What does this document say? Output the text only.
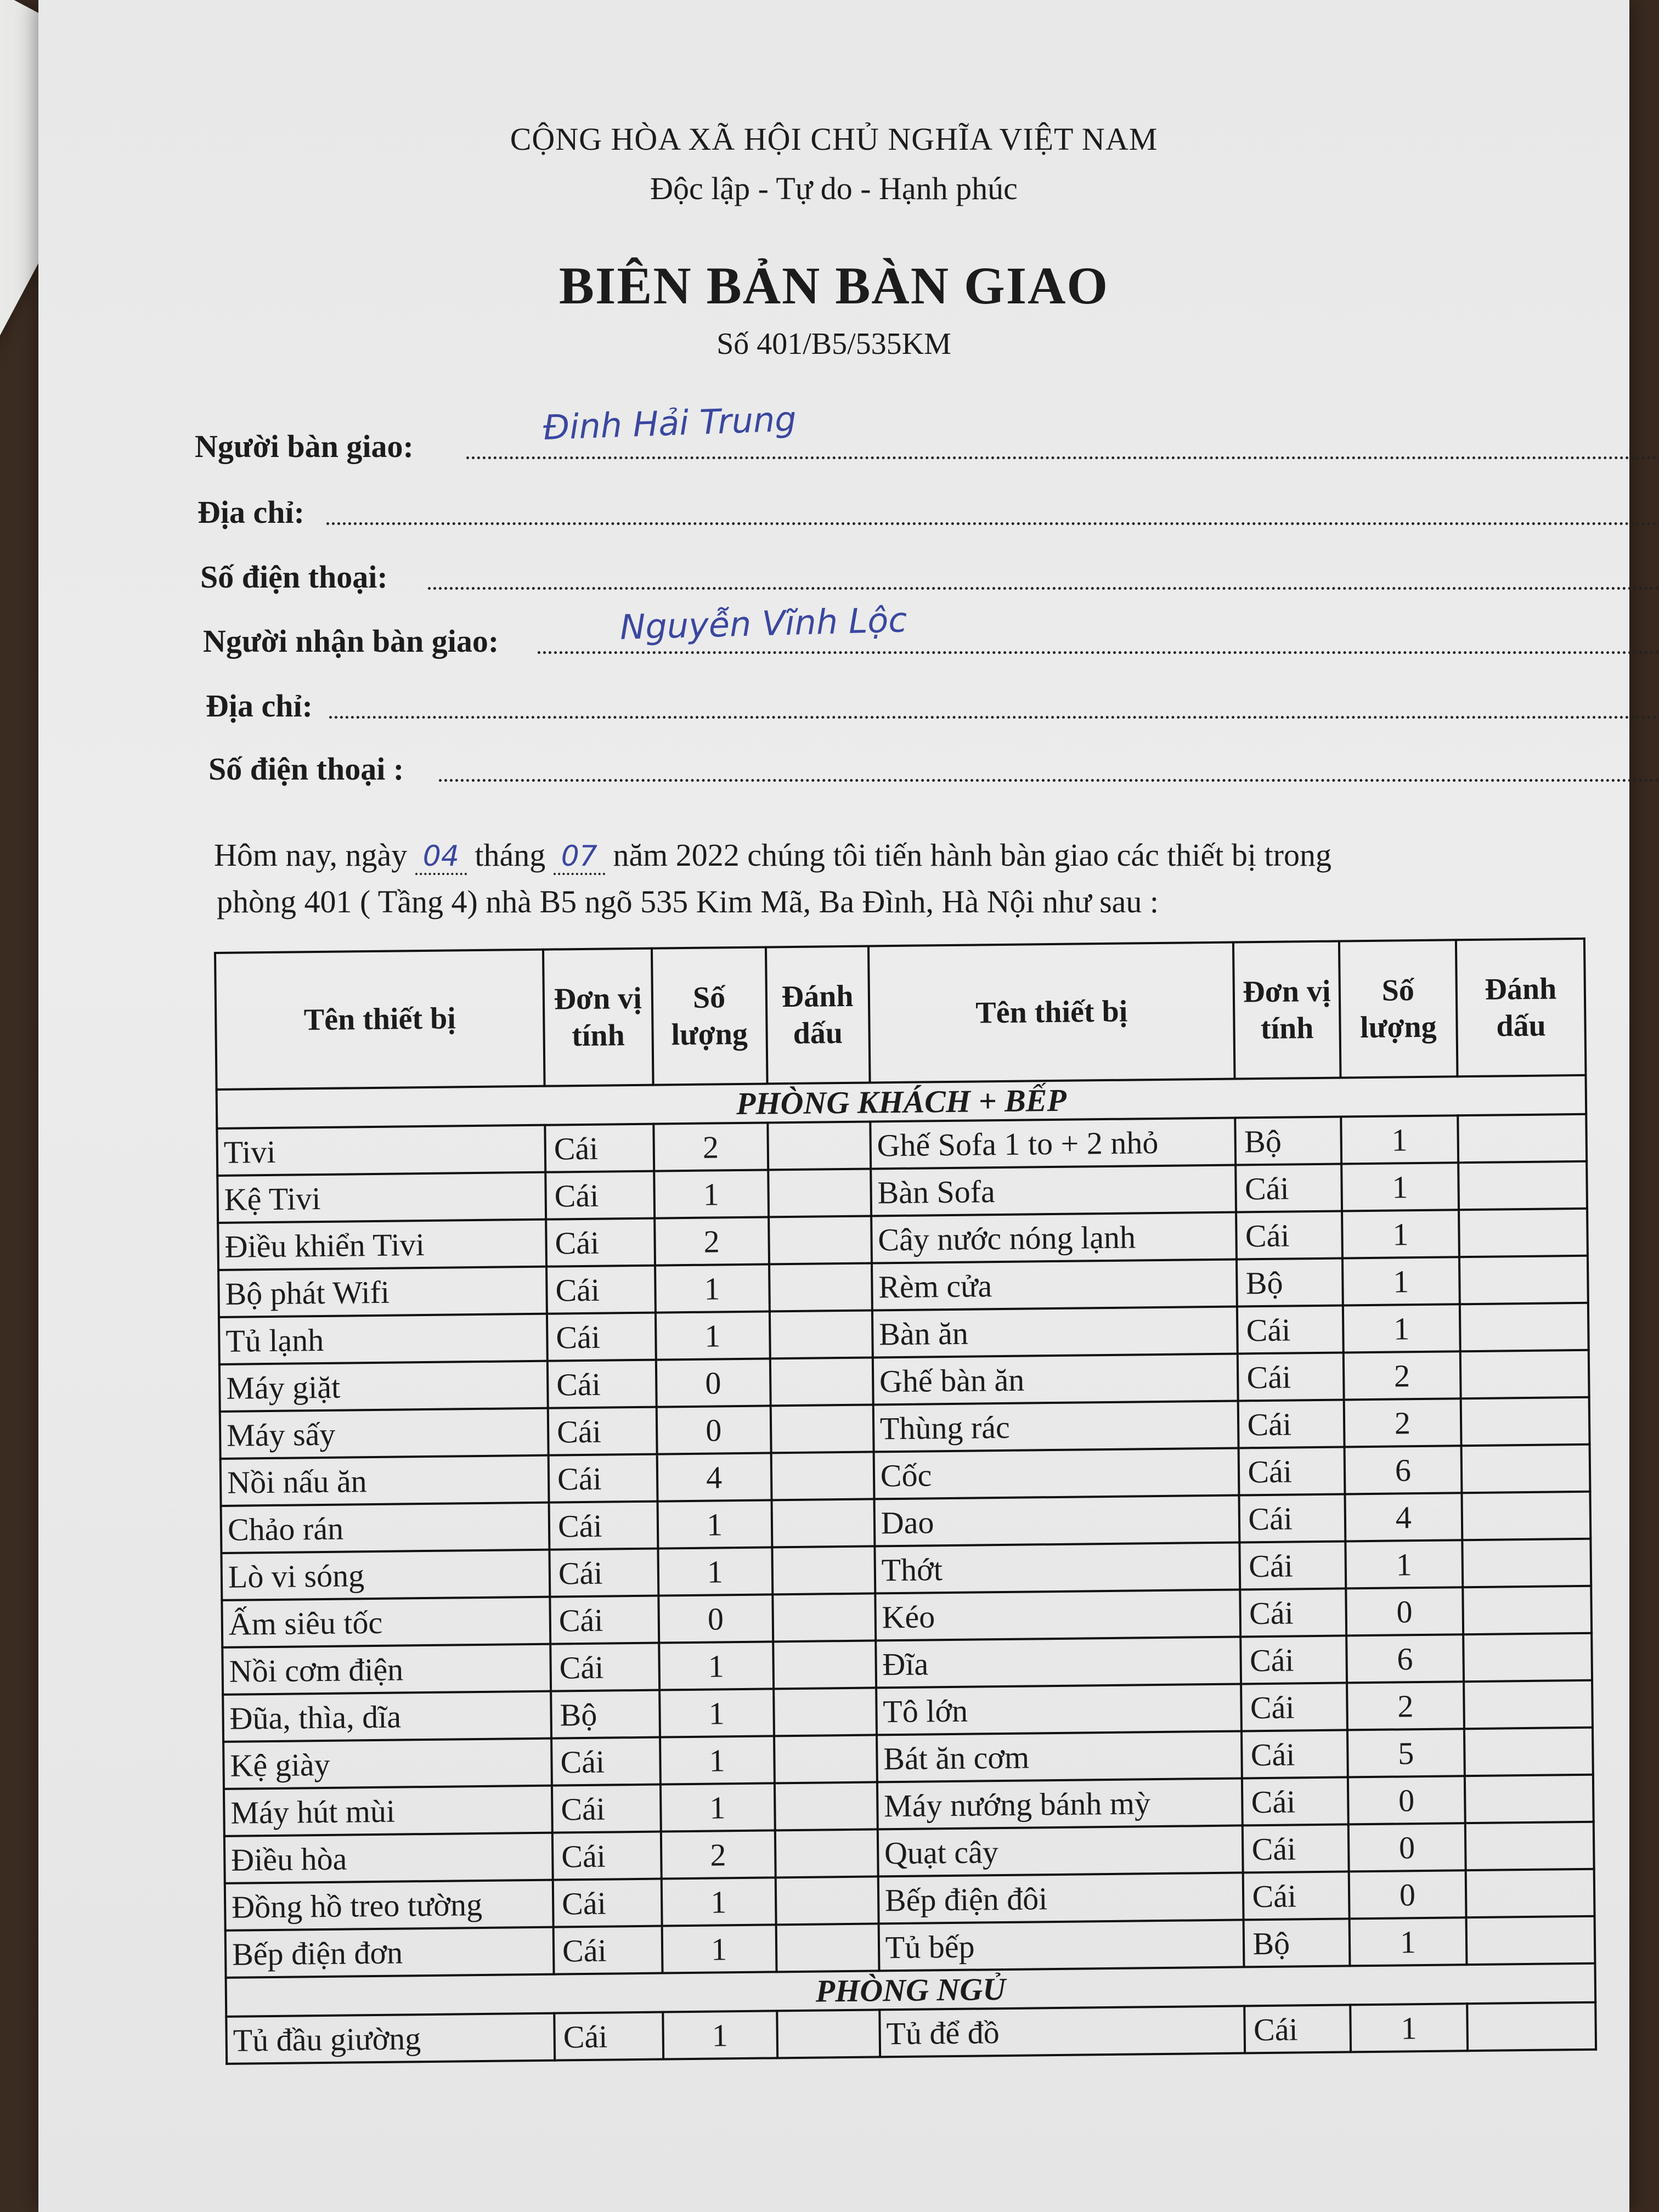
CỘNG HÒA XÃ HỘI CHỦ NGHĨA VIỆT NAM
Độc lập - Tự do - Hạnh phúc
BIÊN BẢN BÀN GIAO
Số 401/B5/535KM
Người bàn giao:	Đinh Hải Trung
Địa chỉ:
Số điện thoại:
Người nhận bàn giao:	Nguyễn Vĩnh Lộc
Địa chỉ:
Số điện thoại :
Hôm nay, ngày 04 tháng 07 năm 2022 chúng tôi tiến hành bàn giao các thiết bị trong
phòng 401 ( Tầng 4) nhà B5 ngõ 535 Kim Mã, Ba Đình, Hà Nội như sau :
Tên thiết bị	Đơn vị tính	Số lượng	Đánh dấu	Tên thiết bị	Đơn vị tính	Số lượng	Đánh dấu
PHÒNG KHÁCH + BẾP							
Tivi	Cái	2		Ghế Sofa 1 to + 2 nhỏ	Bộ	1	
Kệ Tivi	Cái	1		Bàn Sofa	Cái	1	
Điều khiển Tivi	Cái	2		Cây nước nóng lạnh	Cái	1	
Bộ phát Wifi	Cái	1		Rèm cửa	Bộ	1	
Tủ lạnh	Cái	1		Bàn ăn	Cái	1	
Máy giặt	Cái	0		Ghế bàn ăn	Cái	2	
Máy sấy	Cái	0		Thùng rác	Cái	2	
Nồi nấu ăn	Cái	4		Cốc	Cái	6	
Chảo rán	Cái	1		Dao	Cái	4	
Lò vi sóng	Cái	1		Thớt	Cái	1	
Ấm siêu tốc	Cái	0		Kéo	Cái	0	
Nồi cơm điện	Cái	1		Đĩa	Cái	6	
Đũa, thìa, dĩa	Bộ	1		Tô lớn	Cái	2	
Kệ giày	Cái	1		Bát ăn cơm	Cái	5	
Máy hút mùi	Cái	1		Máy nướng bánh mỳ	Cái	0	
Điều hòa	Cái	2		Quạt cây	Cái	0	
Đồng hồ treo tường	Cái	1		Bếp điện đôi	Cái	0	
Bếp điện đơn	Cái	1		Tủ bếp	Bộ	1	
PHÒNG NGỦ							
Tủ đầu giường	Cái	1		Tủ để đồ	Cái	1	
